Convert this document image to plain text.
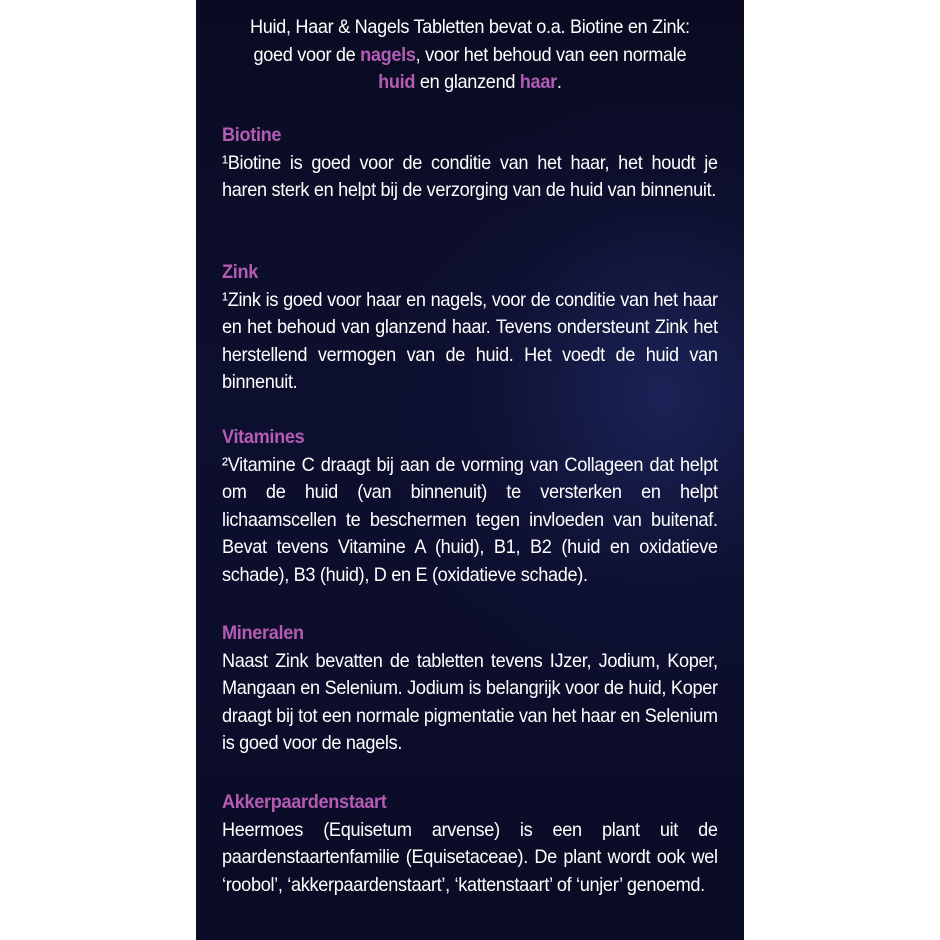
Huid, Haar & Nagels Tabletten bevat o.a. Biotine en Zink:
goed voor de nagels, voor het behoud van een normale
huid en glanzend haar.
Biotine
¹Biotine is goed voor de conditie van het haar, het houdt je haren sterk en helpt bij de verzorging van de huid van binnenuit.
Zink
¹Zink is goed voor haar en nagels, voor de conditie van het haar en het behoud van glanzend haar. Tevens ondersteunt Zink het herstellend vermogen van de huid. Het voedt de huid van binnenuit.
Vitamines
²Vitamine C draagt bij aan de vorming van Collageen dat helpt om de huid (van binnenuit) te versterken en helpt lichaamscellen te beschermen tegen invloeden van buitenaf. Bevat tevens Vitamine A (huid), B1, B2 (huid en oxidatieve schade), B3 (huid), D en E (oxidatieve schade).
Mineralen
Naast Zink bevatten de tabletten tevens IJzer, Jodium, Koper, Mangaan en Selenium. Jodium is belangrijk voor de huid, Koper draagt bij tot een normale pigmentatie van het haar en Selenium is goed voor de nagels.
Akkerpaardenstaart
Heermoes (Equisetum arvense) is een plant uit de paardenstaartenfamilie (Equisetaceae). De plant wordt ook wel ‘roobol’, ‘akkerpaardenstaart’, ‘kattenstaart’ of ‘unjer’ genoemd.
